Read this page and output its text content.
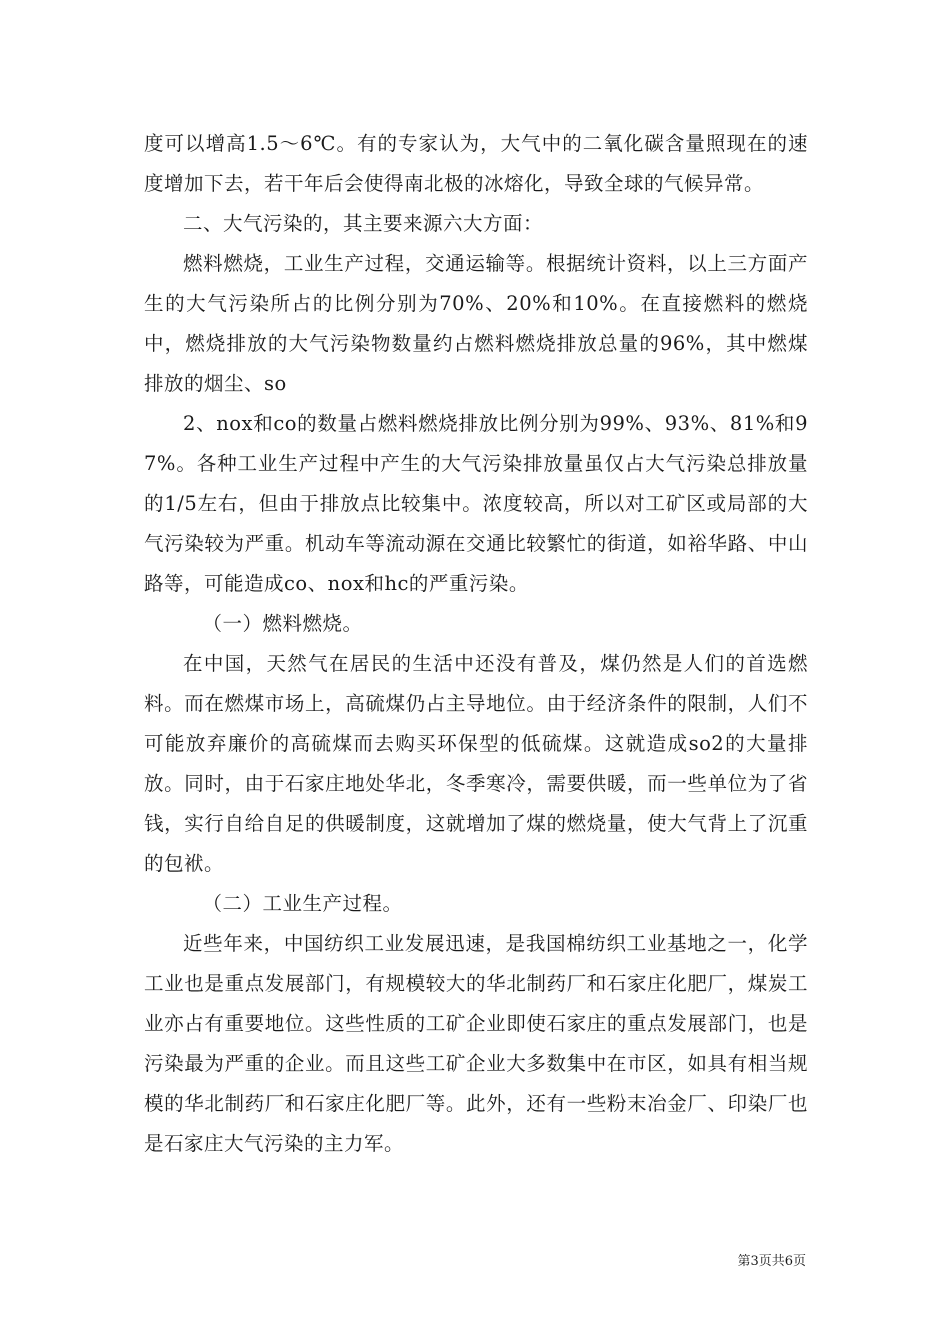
度可以增高1.5～6℃。有的专家认为，大气中的二氧化碳含量照现在的速度增加下去，若干年后会使得南北极的冰熔化，导致全球的气候异常。

二、大气污染的，其主要来源六大方面：

燃料燃烧，工业生产过程，交通运输等。根据统计资料，以上三方面产生的大气污染所占的比例分别为70%、20%和10%。在直接燃料的燃烧中，燃烧排放的大气污染物数量约占燃料燃烧排放总量的96%，其中燃煤排放的烟尘、so

2、nox和co的数量占燃料燃烧排放比例分别为99%、93%、81%和97%。各种工业生产过程中产生的大气污染排放量虽仅占大气污染总排放量的1/5左右，但由于排放点比较集中。浓度较高，所以对工矿区或局部的大气污染较为严重。机动车等流动源在交通比较繁忙的街道，如裕华路、中山路等，可能造成co、nox和hc的严重污染。

（一）燃料燃烧。

在中国，天然气在居民的生活中还没有普及，煤仍然是人们的首选燃料。而在燃煤市场上，高硫煤仍占主导地位。由于经济条件的限制，人们不可能放弃廉价的高硫煤而去购买环保型的低硫煤。这就造成so2的大量排放。同时，由于石家庄地处华北，冬季寒冷，需要供暖，而一些单位为了省钱，实行自给自足的供暖制度，这就增加了煤的燃烧量，使大气背上了沉重的包袱。

（二）工业生产过程。

近些年来，中国纺织工业发展迅速，是我国棉纺织工业基地之一，化学工业也是重点发展部门，有规模较大的华北制药厂和石家庄化肥厂，煤炭工业亦占有重要地位。这些性质的工矿企业即使石家庄的重点发展部门，也是污染最为严重的企业。而且这些工矿企业大多数集中在市区，如具有相当规模的华北制药厂和石家庄化肥厂等。此外，还有一些粉末冶金厂、印染厂也是石家庄大气污染的主力军。

第3页共6页
